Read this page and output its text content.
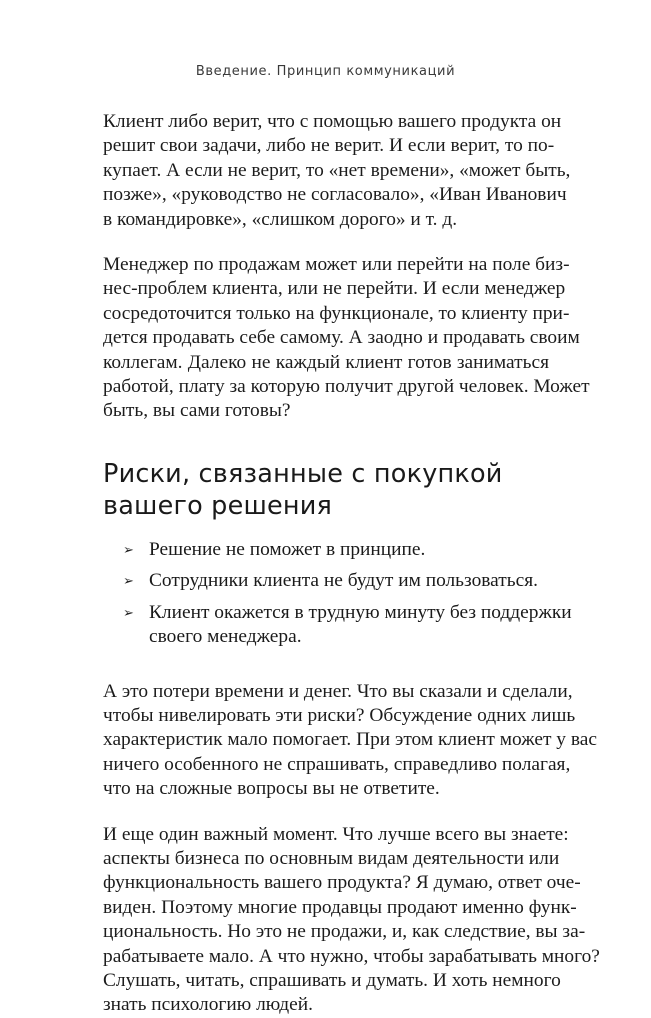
Введение. Принцип коммуникаций

Клиент либо верит, что с помощью вашего продукта он
решит свои задачи, либо не верит. И если верит, то по-
купает. А если не верит, то «нет времени», «может быть,
позже», «руководство не согласовало», «Иван Иванович
в командировке», «слишком дорого» и т. д.

Менеджер по продажам может или перейти на поле биз-
нес-проблем клиента, или не перейти. И если менеджер
сосредоточится только на функционале, то клиенту при-
дется продавать себе самому. А заодно и продавать своим
коллегам. Далеко не каждый клиент готов заниматься
работой, плату за которую получит другой человек. Может
быть, вы сами готовы?

Риски, связанные с покупкой
вашего решения
➢ Решение не поможет в принципе.
➢ Сотрудники клиента не будут им пользоваться.
➢ Клиент окажется в трудную минуту без поддержки
своего менеджера.

А это потери времени и денег. Что вы сказали и сделали,
чтобы нивелировать эти риски? Обсуждение одних лишь
характеристик мало помогает. При этом клиент может у вас
ничего особенного не спрашивать, справедливо полагая,
что на сложные вопросы вы не ответите.

И еще один важный момент. Что лучше всего вы знаете:
аспекты бизнеса по основным видам деятельности или
функциональность вашего продукта? Я думаю, ответ оче-
виден. Поэтому многие продавцы продают именно функ-
циональность. Но это не продажи, и, как следствие, вы за-
рабатываете мало. А что нужно, чтобы зарабатывать много?
Слушать, читать, спрашивать и думать. И хоть немного
знать психологию людей.
